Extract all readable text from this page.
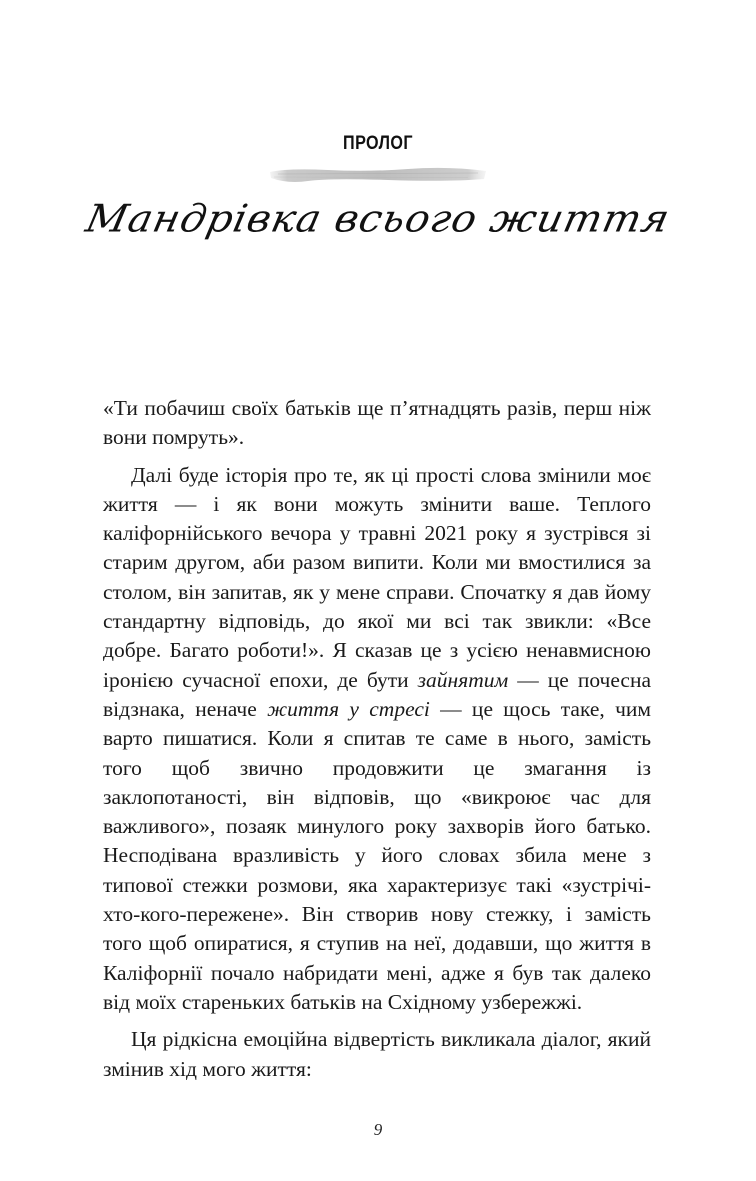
ПРОЛОГ
Мандрівка всього життя

«Ти побачиш своїх батьків ще п’ятнадцять разів, перш ніж вони помруть».

Далі буде історія про те, як ці прості слова змінили моє життя — і як вони можуть змінити ваше. Теплого каліфорнійського вечора у травні 2021 року я зустрівся зі старим другом, аби разом випити. Коли ми вмостилися за столом, він запитав, як у мене справи. Спочатку я дав йому стандартну відповідь, до якої ми всі так звикли: «Все добре. Багато роботи!». Я сказав це з усією ненавмисною іронією сучасної епохи, де бути зайнятим — це почесна відзнака, неначе життя у стресі — це щось таке, чим варто пишатися. Коли я спитав те саме в нього, замість того щоб звично продовжити це змагання із заклопотаності, він відповів, що «викроює час для важливого», позаяк минулого року захворів його батько. Несподівана вразливість у його словах збила мене з типової стежки розмови, яка характеризує такі «зустрічі-хто-кого-пережене». Він створив нову стежку, і замість того щоб опиратися, я ступив на неї, додавши, що життя в Каліфорнії почало набридати мені, адже я був так далеко від моїх старенькиx батьків на Східному узбережжі.

Ця рідкісна емоційна відвертість викликала діалог, який змінив хід мого життя:

9
